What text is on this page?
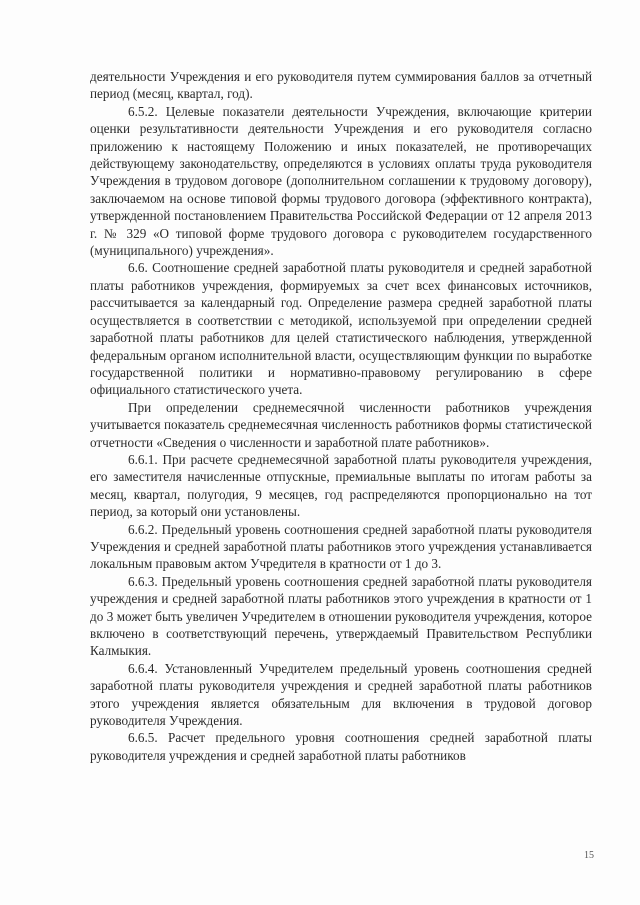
деятельности Учреждения и его руководителя путем суммирования баллов за отчетный период (месяц, квартал, год).

6.5.2. Целевые показатели деятельности Учреждения, включающие критерии оценки результативности деятельности Учреждения и его руководителя согласно приложению к настоящему Положению и иных показателей, не противоречащих действующему законодательству, определяются в условиях оплаты труда руководителя Учреждения в трудовом договоре (дополнительном соглашении к трудовому договору), заключаемом на основе типовой формы трудового договора (эффективного контракта), утвержденной постановлением Правительства Российской Федерации от 12 апреля 2013 г. № 329 «О типовой форме трудового договора с руководителем государственного (муниципального) учреждения».

6.6. Соотношение средней заработной платы руководителя и средней заработной платы работников учреждения, формируемых за счет всех финансовых источников, рассчитывается за календарный год. Определение размера средней заработной платы осуществляется в соответствии с методикой, используемой при определении средней заработной платы работников для целей статистического наблюдения, утвержденной федеральным органом исполнительной власти, осуществляющим функции по выработке государственной политики и нормативно-правовому регулированию в сфере официального статистического учета.

При определении среднемесячной численности работников учреждения учитывается показатель среднемесячная численность работников формы статистической отчетности «Сведения о численности и заработной плате работников».

6.6.1. При расчете среднемесячной заработной платы руководителя учреждения, его заместителя начисленные отпускные, премиальные выплаты по итогам работы за месяц, квартал, полугодия, 9 месяцев, год распределяются пропорционально на тот период, за который они установлены.

6.6.2. Предельный уровень соотношения средней заработной платы руководителя Учреждения и средней заработной платы работников этого учреждения устанавливается локальным правовым актом Учредителя в кратности от 1 до 3.

6.6.3. Предельный уровень соотношения средней заработной платы руководителя учреждения и средней заработной платы работников этого учреждения в кратности от 1 до 3 может быть увеличен Учредителем в отношении руководителя учреждения, которое включено в соответствующий перечень, утверждаемый Правительством Республики Калмыкия.

6.6.4. Установленный Учредителем предельный уровень соотношения средней заработной платы руководителя учреждения и средней заработной платы работников этого учреждения является обязательным для включения в трудовой договор руководителя Учреждения.

6.6.5. Расчет предельного уровня соотношения средней заработной платы руководителя учреждения и средней заработной платы работников

15
